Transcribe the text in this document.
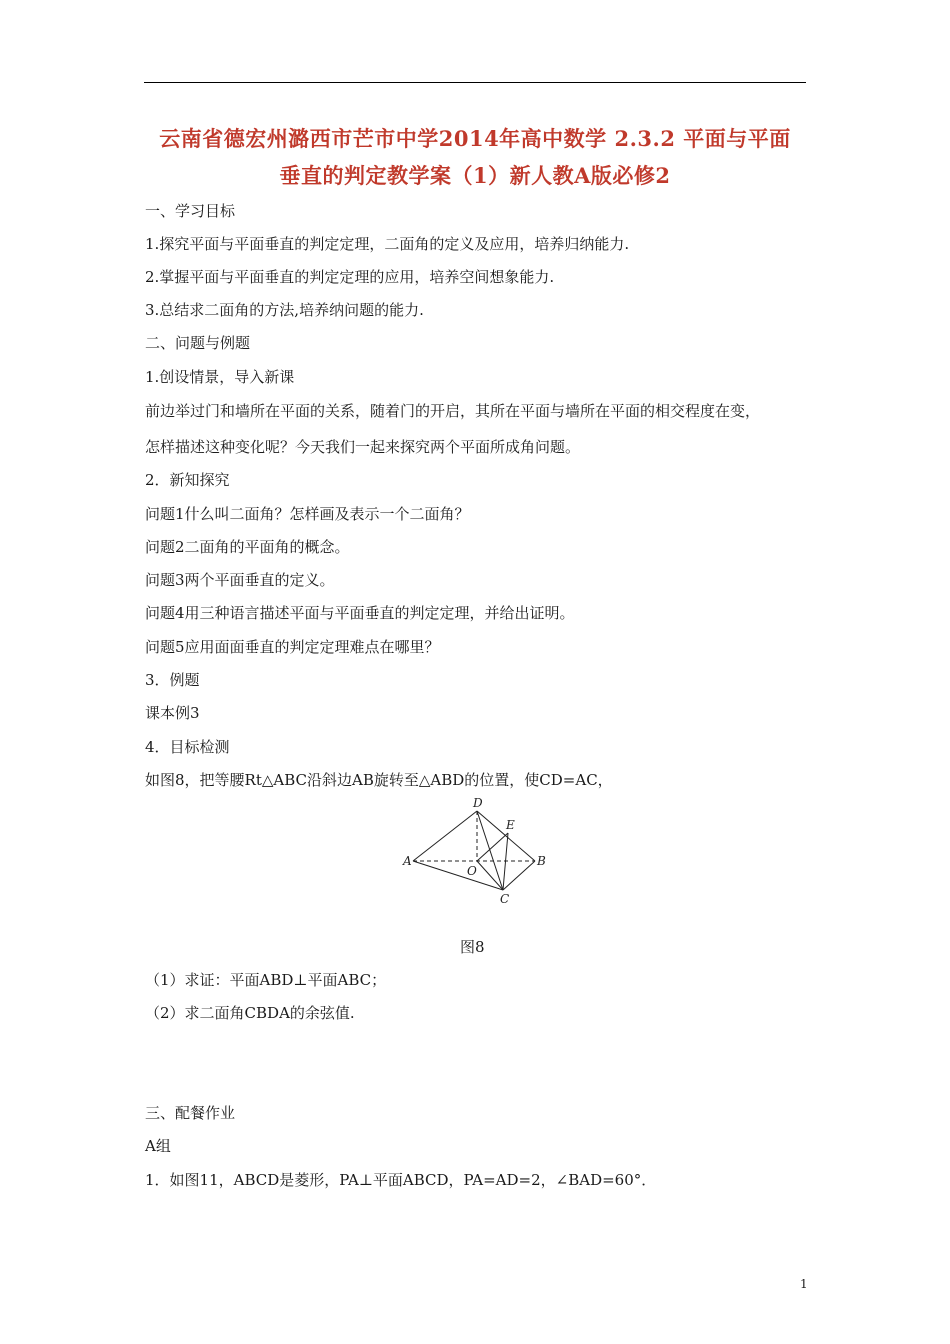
云南省德宏州潞西市芒市中学2014年高中数学 2.3.2 平面与平面
垂直的判定教学案（1）新人教A版必修2
一、学习目标
1.探究平面与平面垂直的判定定理，二面角的定义及应用，培养归纳能力.
2.掌握平面与平面垂直的判定定理的应用，培养空间想象能力.
3.总结求二面角的方法,培养纳问题的能力.
二、问题与例题
1.创设情景，导入新课
前边举过门和墙所在平面的关系，随着门的开启，其所在平面与墙所在平面的相交程度在变，
怎样描述这种变化呢？今天我们一起来探究两个平面所成角问题。
2．新知探究
问题1什么叫二面角？怎样画及表示一个二面角？
问题2二面角的平面角的概念。
问题3两个平面垂直的定义。
问题4用三种语言描述平面与平面垂直的判定定理，并给出证明。
问题5应用面面垂直的判定定理难点在哪里？
3．例题
课本例3
4．目标检测
如图8，把等腰Rt△ABC沿斜边AB旋转至△ABD的位置，使CD=AC，
D
E
A
O
B
C
图8
（1）求证：平面ABD⊥平面ABC；
（2）求二面角CBDA的余弦值.
三、配餐作业
A组
1．如图11，ABCD是菱形，PA⊥平面ABCD，PA=AD=2，∠BAD=60°．
1
